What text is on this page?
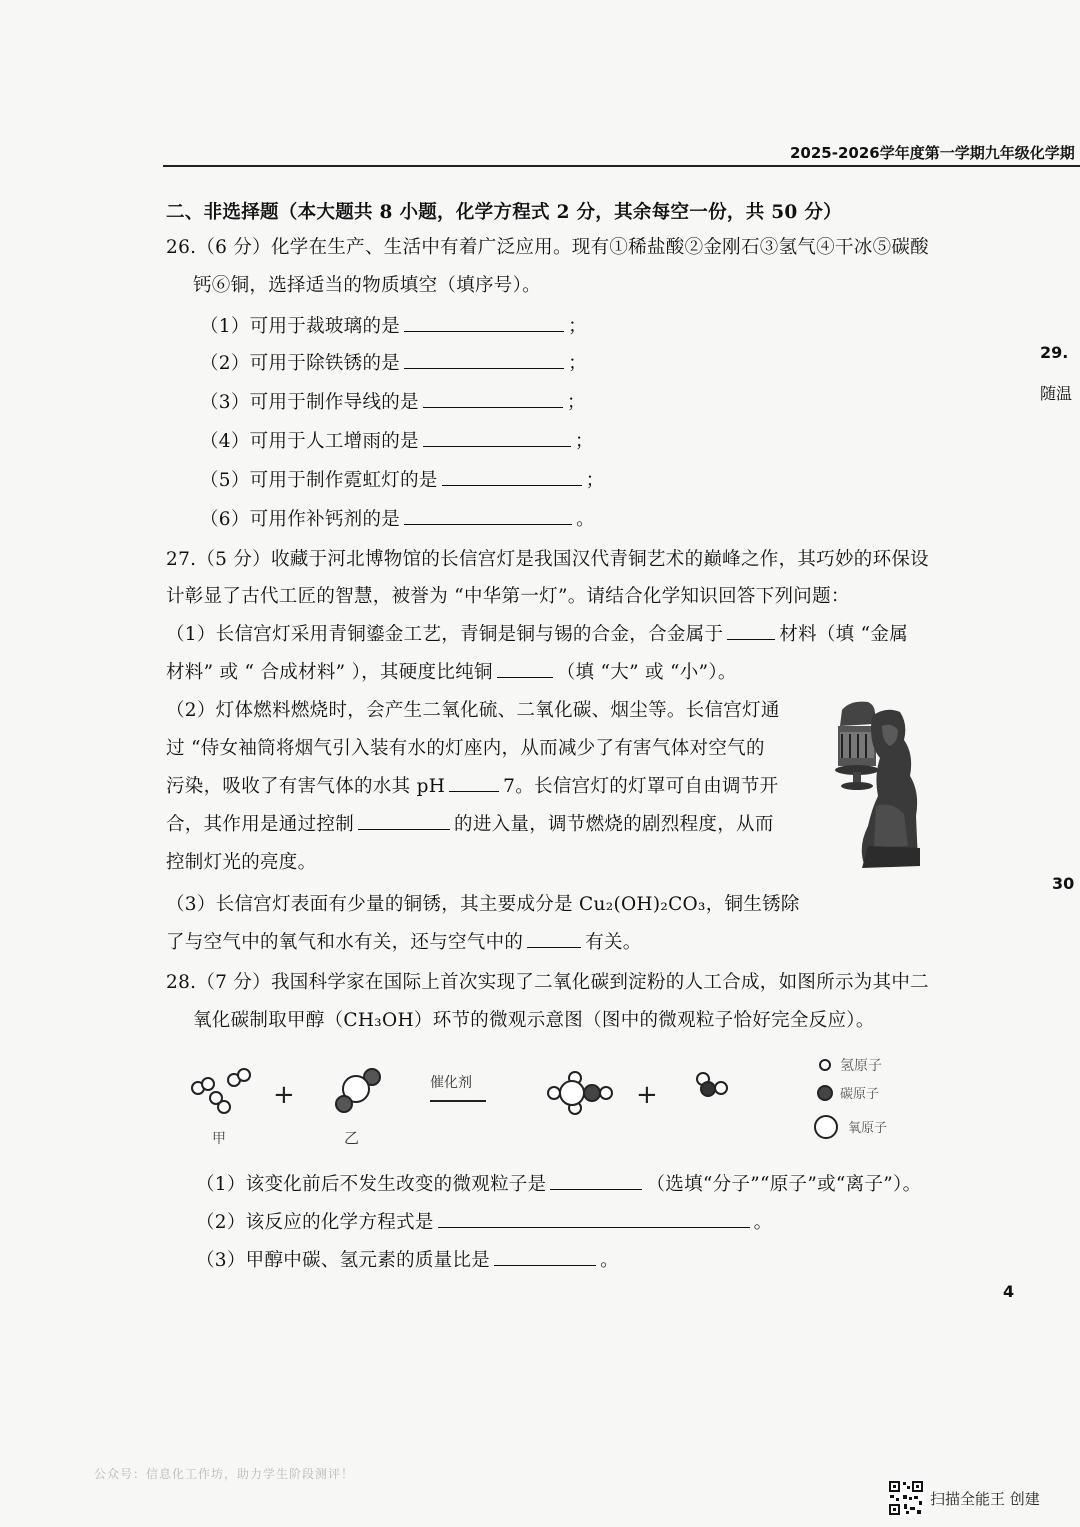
2025-2026学年度第一学期九年级化学期
二、非选择题（本大题共 8 小题，化学方程式 2 分，其余每空一份，共 50 分）
26.（6 分）化学在生产、生活中有着广泛应用。现有①稀盐酸②金刚石③氢气④干冰⑤碳酸
钙⑥铜，选择适当的物质填空（填序号）。
（1）可用于裁玻璃的是	；
（2）可用于除铁锈的是	；
（3）可用于制作导线的是	；
（4）可用于人工增雨的是	；
（5）可用于制作霓虹灯的是	；
（6）可用作补钙剂的是	。
27.（5 分）收藏于河北博物馆的长信宫灯是我国汉代青铜艺术的巅峰之作，其巧妙的环保设
计彰显了古代工匠的智慧，被誉为 “中华第一灯”。请结合化学知识回答下列问题：
（1）长信宫灯采用青铜鎏金工艺，青铜是铜与锡的合金，合金属于	材料（填 “金属
材料” 或 “ 合成材料” ），其硬度比纯铜	（填 “大” 或 “小”）。
（2）灯体燃料燃烧时，会产生二氧化硫、二氧化碳、烟尘等。长信宫灯通
过 “侍女袖筒将烟气引入装有水的灯座内，从而减少了有害气体对空气的
污染，吸收了有害气体的水其 pH	7。长信宫灯的灯罩可自由调节开
合，其作用是通过控制	的进入量，调节燃烧的剧烈程度，从而
控制灯光的亮度。
（3）长信宫灯表面有少量的铜锈，其主要成分是 Cu₂(OH)₂CO₃，铜生锈除
了与空气中的氧气和水有关，还与空气中的	有关。
28.（7 分）我国科学家在国际上首次实现了二氧化碳到淀粉的人工合成，如图所示为其中二
氧化碳制取甲醇（CH₃OH）环节的微观示意图（图中的微观粒子恰好完全反应）。
+	催化剂	+
甲	乙
氢原子
碳原子
氧原子
（1）该变化前后不发生改变的微观粒子是	（选填“分子”“原子”或“离子”）。
（2）该反应的化学方程式是	。
（3）甲醇中碳、氢元素的质量比是	。
29.
随温
30
4
公众号：信息化工作坊，助力学生阶段测评！
扫描全能王 创建
